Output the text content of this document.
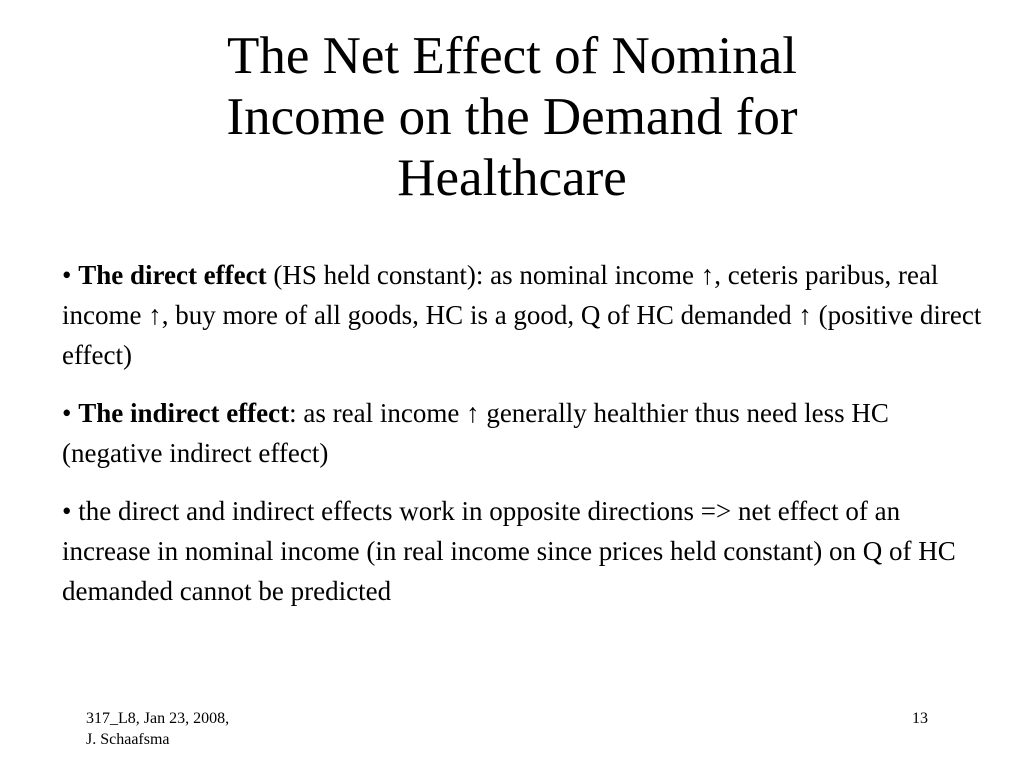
The Net Effect of Nominal
Income on the Demand for
Healthcare

• The direct effect (HS held constant): as nominal income ↑, ceteris paribus, real income ↑, buy more of all goods, HC is a good, Q of HC demanded ↑ (positive direct effect)

• The indirect effect: as real income ↑ generally healthier thus need less HC (negative indirect effect)

• the direct and indirect effects work in opposite directions => net effect of an increase in nominal income (in real income since prices held constant) on Q of HC demanded cannot be predicted

317_L8, Jan 23, 2008,
J. Schaafsma
13
